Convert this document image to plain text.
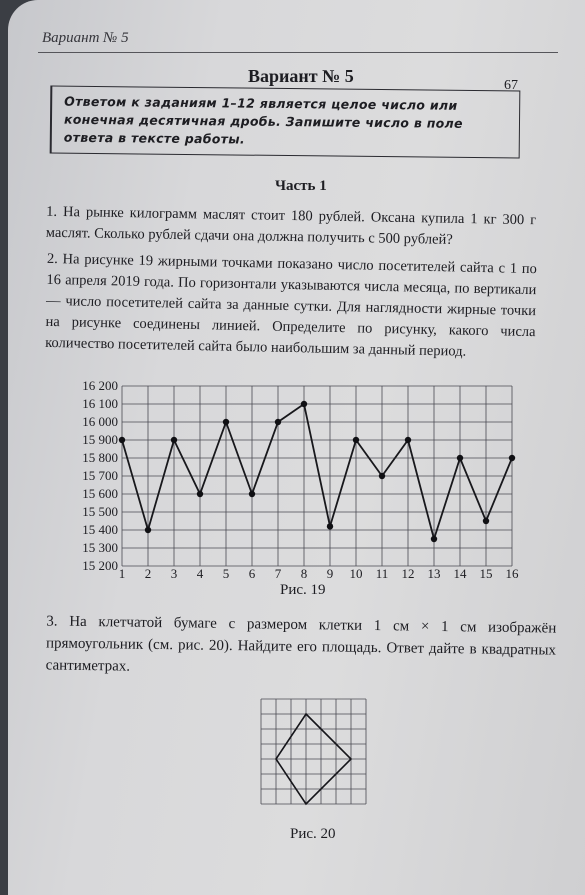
Вариант № 5
Вариант № 5	67
Ответом к заданиям 1–12 является целое число или конечная десятичная дробь. Запишите число в поле ответа в тексте работы.
Часть 1
1. На рынке килограмм маслят стоит 180 рублей. Оксана купила 1 кг 300 г маслят. Сколько рублей сдачи она должна получить с 500 рублей?
2. На рисунке 19 жирными точками показано число посетителей сайта с 1 по 16 апреля 2019 года. По горизонтали указываются числа месяца, по вертикали — число посетителей сайта за данные сутки. Для наглядности жирные точки на рисунке соединены линией. Определите по рисунку, какого числа количество посетителей сайта было наибольшим за данный период.
15 200
15 300
15 400
15 500
15 600
15 700
15 800
15 900
16 000
16 100
16 200
1 2 3 4 5 6 7 8 9 10 11 12 13 14 15 16
Рис. 19
3. На клетчатой бумаге с размером клетки 1 см × 1 см изображён прямоугольник (см. рис. 20). Найдите его площадь. Ответ дайте в квадратных сантиметрах.
Рис. 20
